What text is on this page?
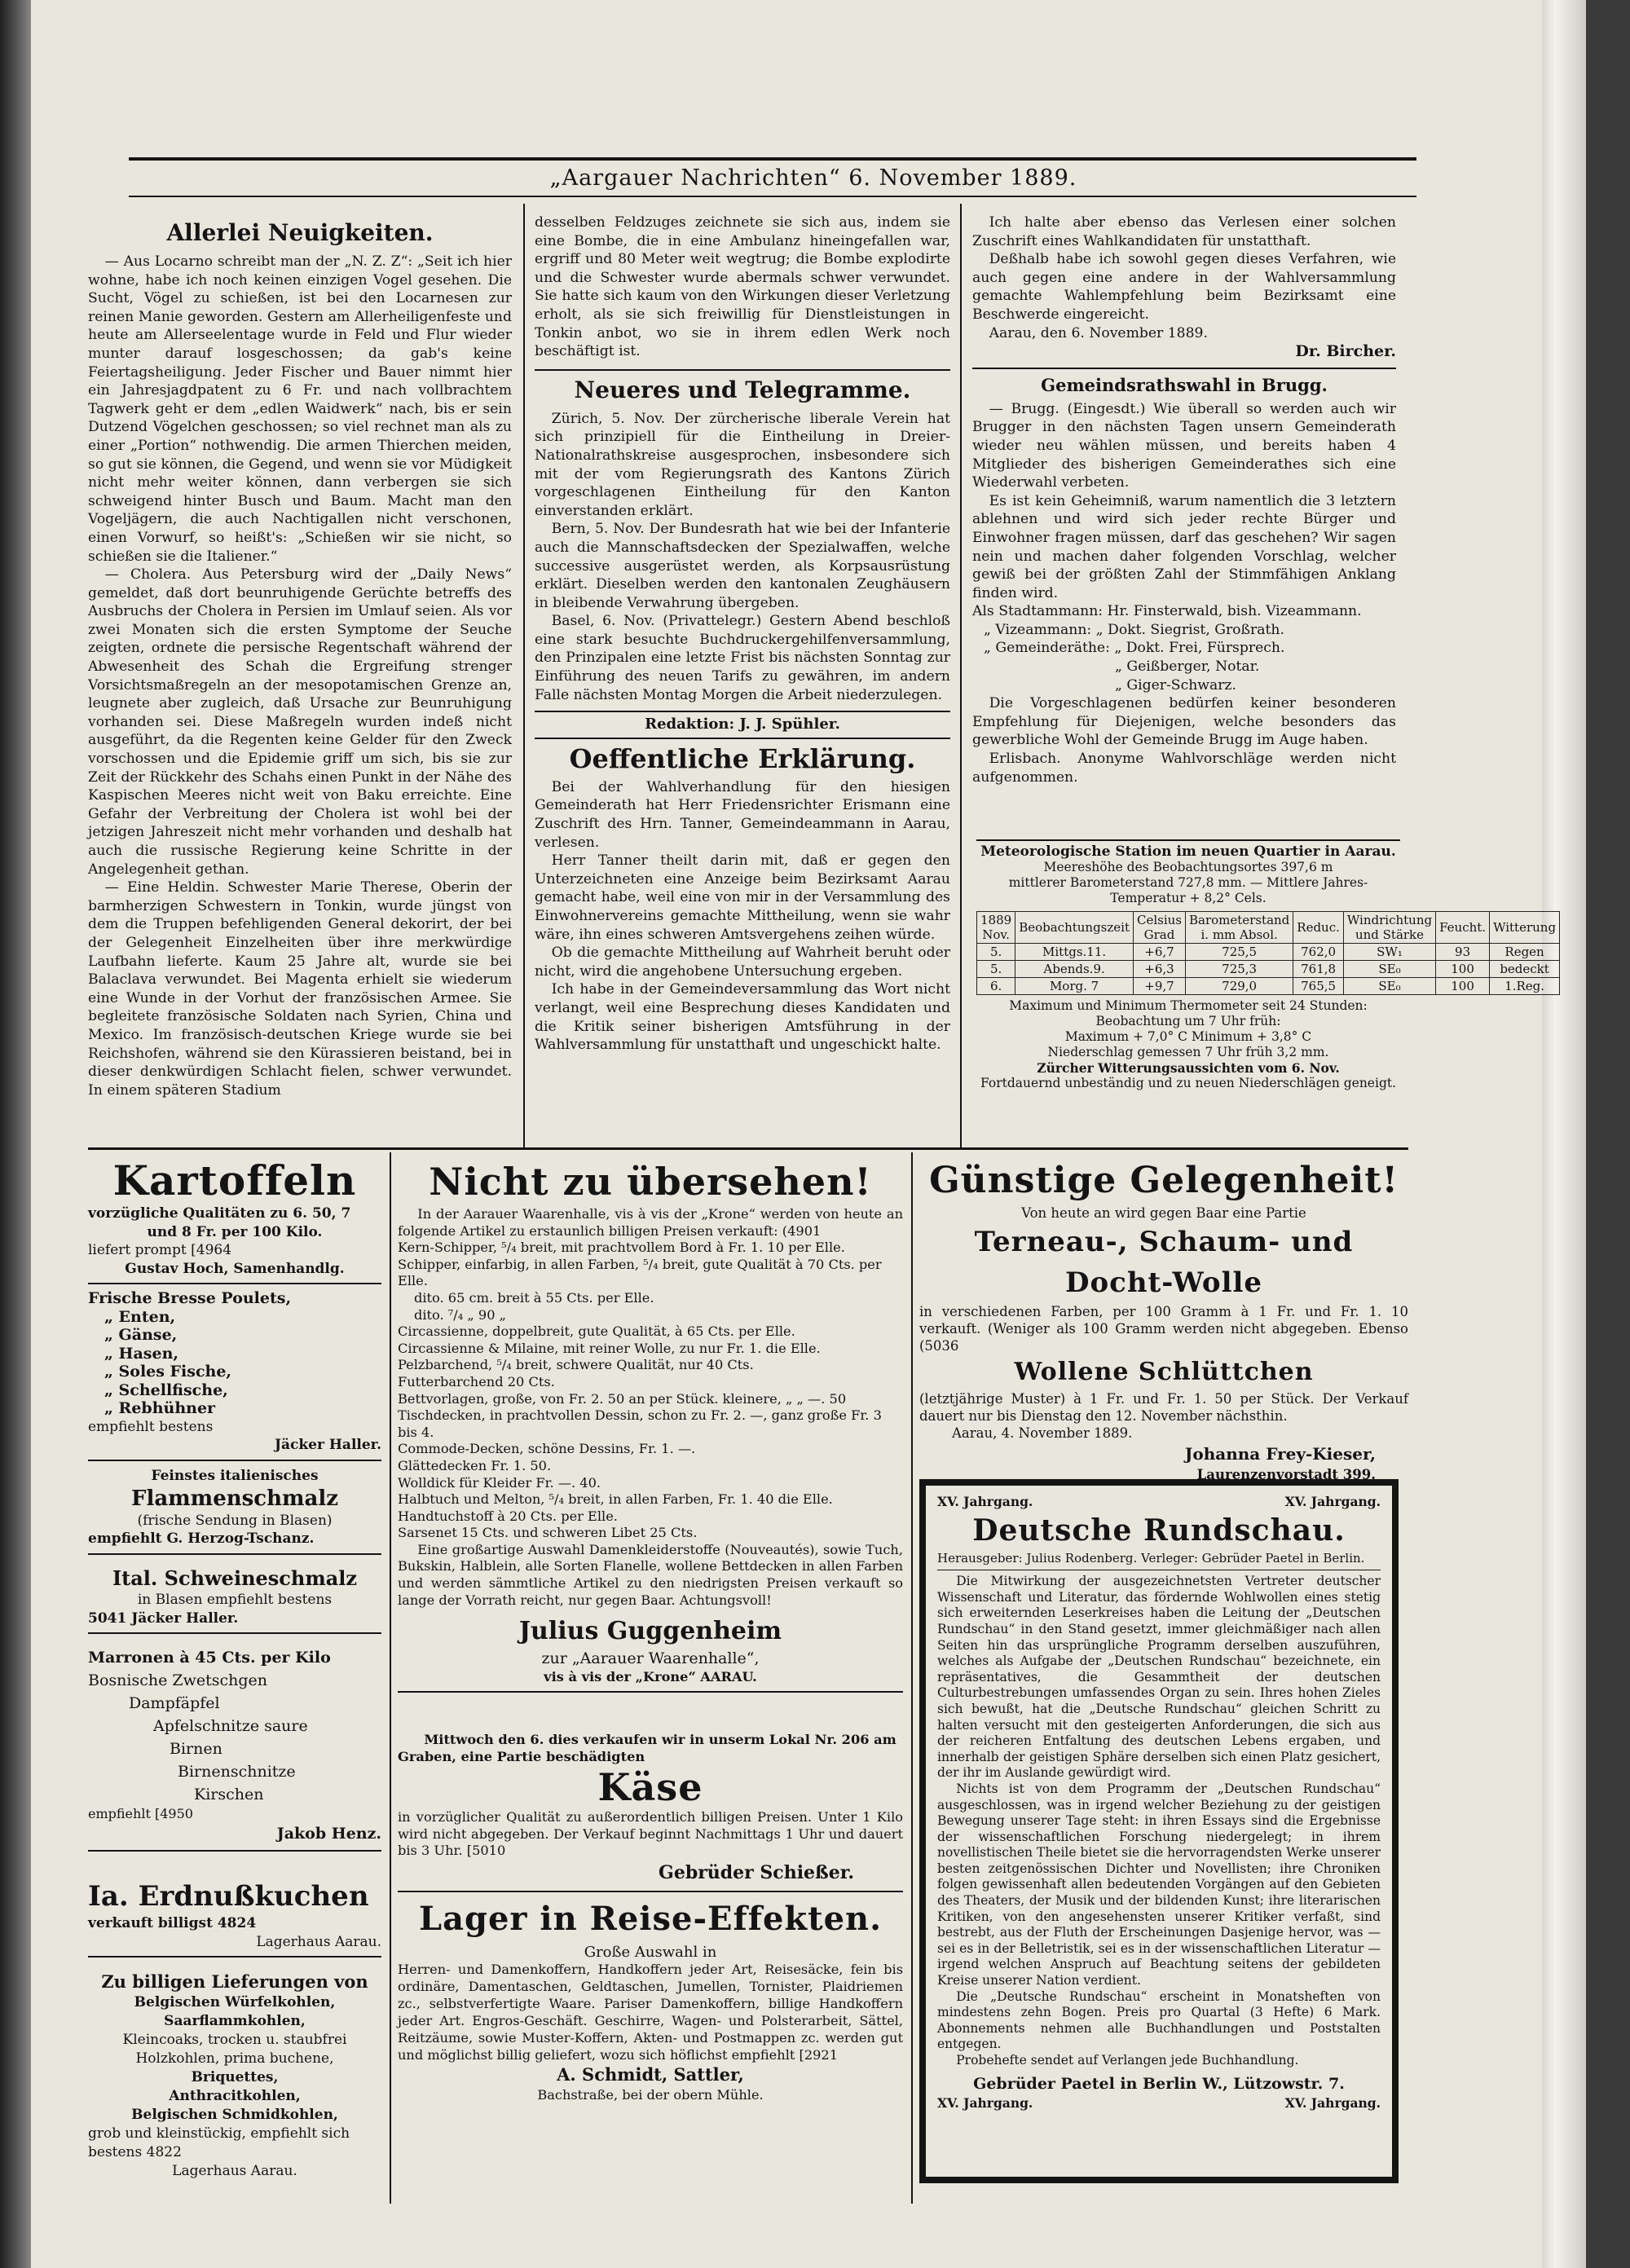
„Aargauer Nachrichten“ 6. November 1889.
Allerlei Neuigkeiten.

— Aus Locarno schreibt man der „N. Z. Z“: „Seit ich hier wohne, habe ich noch keinen einzigen Vogel gesehen. Die Sucht, Vögel zu schießen, ist bei den Locarnesen zur reinen Manie geworden. Gestern am Allerheiligenfeste und heute am Allerseelentage wurde in Feld und Flur wieder munter darauf losgeschossen; da gab's keine Feiertagsheiligung. Jeder Fischer und Bauer nimmt hier ein Jahresjagdpatent zu 6 Fr. und nach vollbrachtem Tagwerk geht er dem „edlen Waidwerk“ nach, bis er sein Dutzend Vögelchen geschossen; so viel rechnet man als zu einer „Portion“ nothwendig. Die armen Thierchen meiden, so gut sie können, die Gegend, und wenn sie vor Müdigkeit nicht mehr weiter können, dann verbergen sie sich schweigend hinter Busch und Baum. Macht man den Vogeljägern, die auch Nachtigallen nicht verschonen, einen Vorwurf, so heißt's: „Schießen wir sie nicht, so schießen sie die Italiener.“

— Cholera. Aus Petersburg wird der „Daily News“ gemeldet, daß dort beunruhigende Gerüchte betreffs des Ausbruchs der Cholera in Persien im Umlauf seien. Als vor zwei Monaten sich die ersten Symptome der Seuche zeigten, ordnete die persische Regentschaft während der Abwesenheit des Schah die Ergreifung strenger Vorsichtsmaßregeln an der mesopotamischen Grenze an, leugnete aber zugleich, daß Ursache zur Beunruhigung vorhanden sei. Diese Maßregeln wurden indeß nicht ausgeführt, da die Regenten keine Gelder für den Zweck vorschossen und die Epidemie griff um sich, bis sie zur Zeit der Rückkehr des Schahs einen Punkt in der Nähe des Kaspischen Meeres nicht weit von Baku erreichte. Eine Gefahr der Verbreitung der Cholera ist wohl bei der jetzigen Jahreszeit nicht mehr vorhanden und deshalb hat auch die russische Regierung keine Schritte in der Angelegenheit gethan.

— Eine Heldin. Schwester Marie Therese, Oberin der barmherzigen Schwestern in Tonkin, wurde jüngst von dem die Truppen befehligenden General dekorirt, der bei der Gelegenheit Einzelheiten über ihre merkwürdige Laufbahn lieferte. Kaum 25 Jahre alt, wurde sie bei Balaclava verwundet. Bei Magenta erhielt sie wiederum eine Wunde in der Vorhut der französischen Armee. Sie begleitete französische Soldaten nach Syrien, China und Mexico. Im französisch-deutschen Kriege wurde sie bei Reichshofen, während sie den Kürassieren beistand, bei in dieser denkwürdigen Schlacht fielen, schwer verwundet. In einem späteren Stadium

desselben Feldzuges zeichnete sie sich aus, indem sie eine Bombe, die in eine Ambulanz hineingefallen war, ergriff und 80 Meter weit wegtrug; die Bombe explodirte und die Schwester wurde abermals schwer verwundet. Sie hatte sich kaum von den Wirkungen dieser Verletzung erholt, als sie sich freiwillig für Dienstleistungen in Tonkin anbot, wo sie in ihrem edlen Werk noch beschäftigt ist.

Neueres und Telegramme.

Zürich, 5. Nov. Der zürcherische liberale Verein hat sich prinzipiell für die Eintheilung in Dreier-Nationalrathskreise ausgesprochen, insbesondere sich mit der vom Regierungsrath des Kantons Zürich vorgeschlagenen Eintheilung für den Kanton einverstanden erklärt.

Bern, 5. Nov. Der Bundesrath hat wie bei der Infanterie auch die Mannschaftsdecken der Spezialwaffen, welche successive ausgerüstet werden, als Korpsausrüstung erklärt. Dieselben werden den kantonalen Zeughäusern in bleibende Verwahrung übergeben.

Basel, 6. Nov. (Privattelegr.) Gestern Abend beschloß eine stark besuchte Buchdruckergehilfenversammlung, den Prinzipalen eine letzte Frist bis nächsten Sonntag zur Einführung des neuen Tarifs zu gewähren, im andern Falle nächsten Montag Morgen die Arbeit niederzulegen.

Redaktion: J. J. Spühler.
Oeffentliche Erklärung.

Bei der Wahlverhandlung für den hiesigen Gemeinderath hat Herr Friedensrichter Erismann eine Zuschrift des Hrn. Tanner, Gemeindeammann in Aarau, verlesen.

Herr Tanner theilt darin mit, daß er gegen den Unterzeichneten eine Anzeige beim Bezirksamt Aarau gemacht habe, weil eine von mir in der Versammlung des Einwohnervereins gemachte Mittheilung, wenn sie wahr wäre, ihn eines schweren Amtsvergehens zeihen würde.

Ob die gemachte Mittheilung auf Wahrheit beruht oder nicht, wird die angehobene Untersuchung ergeben.

Ich habe in der Gemeindeversammlung das Wort nicht verlangt, weil eine Besprechung dieses Kandidaten und die Kritik seiner bisherigen Amtsführung in der Wahlversammlung für unstatthaft und ungeschickt halte.

Ich halte aber ebenso das Verlesen einer solchen Zuschrift eines Wahlkandidaten für unstatthaft.

Deßhalb habe ich sowohl gegen dieses Verfahren, wie auch gegen eine andere in der Wahlversammlung gemachte Wahlempfehlung beim Bezirksamt eine Beschwerde eingereicht.

Aarau, den 6. November 1889.

Dr. Bircher.
Gemeindsrathswahl in Brugg.

— Brugg. (Eingesdt.) Wie überall so werden auch wir Brugger in den nächsten Tagen unsern Gemeinderath wieder neu wählen müssen, und bereits haben 4 Mitglieder des bisherigen Gemeinderathes sich eine Wiederwahl verbeten.

Es ist kein Geheimniß, warum namentlich die 3 letztern ablehnen und wird sich jeder rechte Bürger und Einwohner fragen müssen, darf das geschehen? Wir sagen nein und machen daher folgenden Vorschlag, welcher gewiß bei der größten Zahl der Stimmfähigen Anklang finden wird.

Als Stadtammann: Hr. Finsterwald, bish. Vizeammann.
„ Vizeammann: „ Dokt. Siegrist, Großrath.
„ Gemeinderäthe: „ Dokt. Frei, Fürsprech.
„ Geißberger, Notar.
„ Giger-Schwarz.

Die Vorgeschlagenen bedürfen keiner besonderen Empfehlung für Diejenigen, welche besonders das gewerbliche Wohl der Gemeinde Brugg im Auge haben.

Erlisbach. Anonyme Wahlvorschläge werden nicht aufgenommen.

Meteorologische Station im neuen Quartier in Aarau.
Meereshöhe des Beobachtungsortes 397,6 m
mittlerer Barometerstand 727,8 mm. — Mittlere Jahres-Temperatur + 8,2° Cels.
1889 Nov.	Beobachtungszeit	Celsius Grad	Barometerstand i. mm Absol.	Reduc.	Windrichtung und Stärke	Feucht.	Witterung
5.	Mittgs.11.	+6,7	725,5	762,0	SW₁	93	Regen
5.	Abends.9.	+6,3	725,3	761,8	SE₀	100	bedeckt
6.	Morg. 7	+9,7	729,0	765,5	SE₀	100	1.Reg.
Maximum und Minimum Thermometer seit 24 Stunden:
Beobachtung um 7 Uhr früh:
Maximum + 7,0° C Minimum + 3,8° C
Niederschlag gemessen 7 Uhr früh 3,2 mm.
Zürcher Witterungsaussichten vom 6. Nov.
Fortdauernd unbeständig und zu neuen Niederschlägen geneigt.
Kartoffeln
vorzügliche Qualitäten zu 6. 50, 7
und 8 Fr. per 100 Kilo.
liefert prompt [4964
Gustav Hoch, Samenhandlg.
Frische Bresse Poulets,
„ Enten,
„ Gänse,
„ Hasen,
„ Soles Fische,
„ Schellfische,
„ Rebhühner
empfiehlt bestens
Jäcker Haller.
Feinstes italienisches
Flammenschmalz
(frische Sendung in Blasen)
empfiehlt G. Herzog-Tschanz.
Ital. Schweineschmalz
in Blasen empfiehlt bestens
5041 Jäcker Haller.
Marronen à 45 Cts. per Kilo
Bosnische Zwetschgen
Dampfäpfel
Apfelschnitze saure
Birnen
Birnenschnitze
Kirschen
empfiehlt [4950
Jakob Henz.
Ia. Erdnußkuchen
verkauft billigst 4824
Lagerhaus Aarau.
Zu billigen Lieferungen von
Belgischen Würfelkohlen,
Saarflammkohlen,
Kleincoaks, trocken u. staubfrei
Holzkohlen, prima buchene,
Briquettes,
Anthracitkohlen,
Belgischen Schmidkohlen,
grob und kleinstückig, empfiehlt sich
bestens 4822
Lagerhaus Aarau.
Nicht zu übersehen!

In der Aarauer Waarenhalle, vis à vis der „Krone“ werden von heute an folgende Artikel zu erstaunlich billigen Preisen verkauft: (4901

Kern-Schipper, ⁵/₄ breit, mit prachtvollem Bord à Fr. 1. 10 per Elle.
Schipper, einfarbig, in allen Farben, ⁵/₄ breit, gute Qualität à 70 Cts. per Elle.
dito. 65 cm. breit à 55 Cts. per Elle.
dito. ⁷/₄ „ 90 „
Circassienne, doppelbreit, gute Qualität, à 65 Cts. per Elle.
Circassienne & Milaine, mit reiner Wolle, zu nur Fr. 1. die Elle.
Pelzbarchend, ⁵/₄ breit, schwere Qualität, nur 40 Cts.
Futterbarchend 20 Cts.
Bettvorlagen, große, von Fr. 2. 50 an per Stück. kleinere, „ „ —. 50
Tischdecken, in prachtvollen Dessin, schon zu Fr. 2. —, ganz große Fr. 3 bis 4.
Commode-Decken, schöne Dessins, Fr. 1. —.
Glättedecken Fr. 1. 50.
Wolldick für Kleider Fr. —. 40.
Halbtuch und Melton, ⁵/₄ breit, in allen Farben, Fr. 1. 40 die Elle.
Handtuchstoff à 20 Cts. per Elle.
Sarsenet 15 Cts. und schweren Libet 25 Cts.

Eine großartige Auswahl Damenkleiderstoffe (Nouveautés), sowie Tuch, Bukskin, Halblein, alle Sorten Flanelle, wollene Bettdecken in allen Farben und werden sämmtliche Artikel zu den niedrigsten Preisen verkauft so lange der Vorrath reicht, nur gegen Baar. Achtungsvoll!

Julius Guggenheim
zur „Aarauer Waarenhalle“,
vis à vis der „Krone“ AARAU.

Mittwoch den 6. dies verkaufen wir in unserm Lokal Nr. 206 am Graben, eine Partie beschädigten

Käse

in vorzüglicher Qualität zu außerordentlich billigen Preisen. Unter 1 Kilo wird nicht abgegeben. Der Verkauf beginnt Nachmittags 1 Uhr und dauert bis 3 Uhr. [5010

Gebrüder Schießer.
Lager in Reise-Effekten.
Große Auswahl in

Herren- und Damenkoffern, Handkoffern jeder Art, Reisesäcke, fein bis ordinäre, Damentaschen, Geldtaschen, Jumellen, Tornister, Plaidriemen zc., selbstverfertigte Waare. Pariser Damenkoffern, billige Handkoffern jeder Art. Engros-Geschäft. Geschirre, Wagen- und Polsterarbeit, Sättel, Reitzäume, sowie Muster-Koffern, Akten- und Postmappen zc. werden gut und möglichst billig geliefert, wozu sich höflichst empfiehlt [2921

A. Schmidt, Sattler,
Bachstraße, bei der obern Mühle.
Günstige Gelegenheit!
Von heute an wird gegen Baar eine Partie
Terneau-, Schaum- und Docht-Wolle

in verschiedenen Farben, per 100 Gramm à 1 Fr. und Fr. 1. 10 verkauft. (Weniger als 100 Gramm werden nicht abgegeben. Ebenso (5036

Wollene Schlüttchen

(letztjährige Muster) à 1 Fr. und Fr. 1. 50 per Stück. Der Verkauf dauert nur bis Dienstag den 12. November nächsthin.

Aarau, 4. November 1889.
Johanna Frey-Kieser,
Laurenzenvorstadt 399.
XV. Jahrgang.	XV. Jahrgang.
Deutsche Rundschau.
Herausgeber: Julius Rodenberg. Verleger: Gebrüder Paetel in Berlin.

Die Mitwirkung der ausgezeichnetsten Vertreter deutscher Wissenschaft und Literatur, das fördernde Wohlwollen eines stetig sich erweiternden Leserkreises haben die Leitung der „Deutschen Rundschau“ in den Stand gesetzt, immer gleichmäßiger nach allen Seiten hin das ursprüngliche Programm derselben auszuführen, welches als Aufgabe der „Deutschen Rundschau“ bezeichnete, ein repräsentatives, die Gesammtheit der deutschen Culturbestrebungen umfassendes Organ zu sein. Ihres hohen Zieles sich bewußt, hat die „Deutsche Rundschau“ gleichen Schritt zu halten versucht mit den gesteigerten Anforderungen, die sich aus der reicheren Entfaltung des deutschen Lebens ergaben, und innerhalb der geistigen Sphäre derselben sich einen Platz gesichert, der ihr im Auslande gewürdigt wird.

Nichts ist von dem Programm der „Deutschen Rundschau“ ausgeschlossen, was in irgend welcher Beziehung zu der geistigen Bewegung unserer Tage steht: in ihren Essays sind die Ergebnisse der wissenschaftlichen Forschung niedergelegt; in ihrem novellistischen Theile bietet sie die hervorragendsten Werke unserer besten zeitgenössischen Dichter und Novellisten; ihre Chroniken folgen gewissenhaft allen bedeutenden Vorgängen auf den Gebieten des Theaters, der Musik und der bildenden Kunst; ihre literarischen Kritiken, von den angesehensten unserer Kritiker verfaßt, sind bestrebt, aus der Fluth der Erscheinungen Dasjenige hervor, was — sei es in der Belletristik, sei es in der wissenschaftlichen Literatur — irgend welchen Anspruch auf Beachtung seitens der gebildeten Kreise unserer Nation verdient.

Die „Deutsche Rundschau“ erscheint in Monatsheften von mindestens zehn Bogen. Preis pro Quartal (3 Hefte) 6 Mark. Abonnements nehmen alle Buchhandlungen und Poststalten entgegen.

Probehefte sendet auf Verlangen jede Buchhandlung.

Gebrüder Paetel in Berlin W., Lützowstr. 7.
XV. Jahrgang.	XV. Jahrgang.
